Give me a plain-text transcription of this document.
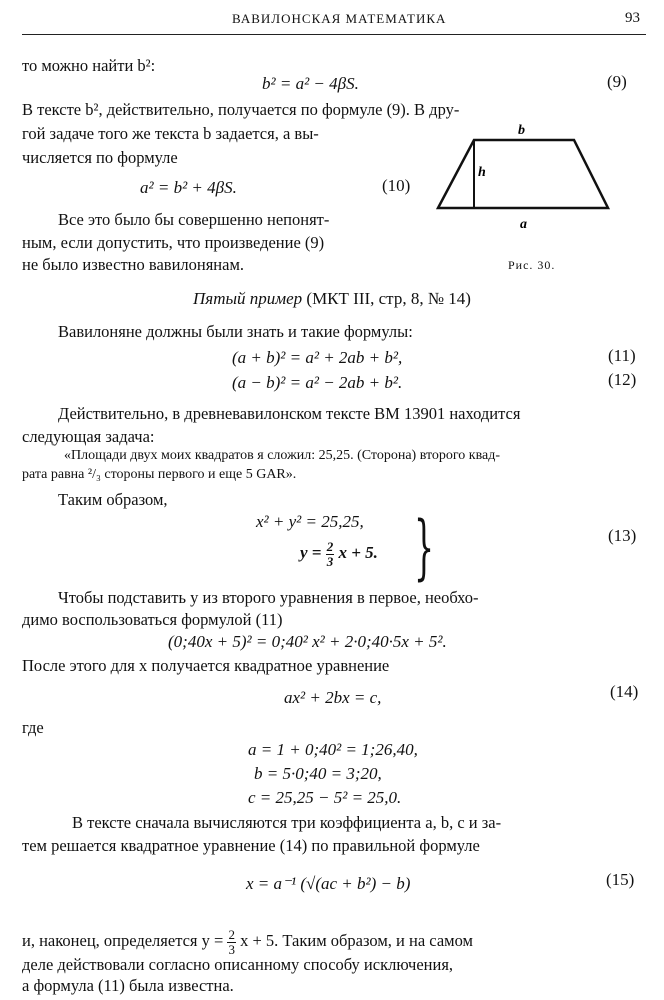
ВАВИЛОНСКАЯ МАТЕМАТИКА	93
то можно найти b²:
b² = a² − 4βS.	(9)
В тексте b², действительно, получается по формуле (9). В дру-
гой задаче того же текста b задается, a вы-
числяется по формуле
a² = b² + 4βS.	(10)
Все это было бы совершенно непонят-
ным, если допустить, что произведение (9)
не было известно вавилонянам.
b
h
a
Рис. 30.
Пятый пример (МКТ III, стр, 8, № 14)
Вавилоняне должны были знать и такие формулы:
(a + b)² = a² + 2ab + b²,	(11)
(a − b)² = a² − 2ab + b².	(12)
Действительно, в древневавилонском тексте ВМ 13901 находится
следующая задача:
«Площади двух моих квадратов я сложил: 25,25. (Сторона) второго квад-
рата равна ²/₃ стороны первого и еще 5 GAR».
Таким образом,
x² + y² = 25,25,
$y = \frac{2}{3}$ x + 5. }	(13)
Чтобы подставить y из второго уравнения в первое, необхо-
димо воспользоваться формулой (11)
(0;40x + 5)² = 0;40² x² + 2·0;40·5x + 5².
После этого для x получается квадратное уравнение
ax² + 2bx = c,	(14)
где
a = 1 + 0;40² = 1;26,40,
b = 5·0;40 = 3;20,
c = 25,25 − 5² = 25,0.
В тексте сначала вычисляются три коэффициента a, b, c и за-
тем решается квадратное уравнение (14) по правильной формуле
x = a⁻¹ (√(ac + b²) − b)	(15)
и, наконец, определяется $y = \frac{2}{3}$ x + 5. Таким образом, и на самом
деле действовали согласно описанному способу исключения,
а формула (11) была известна.
